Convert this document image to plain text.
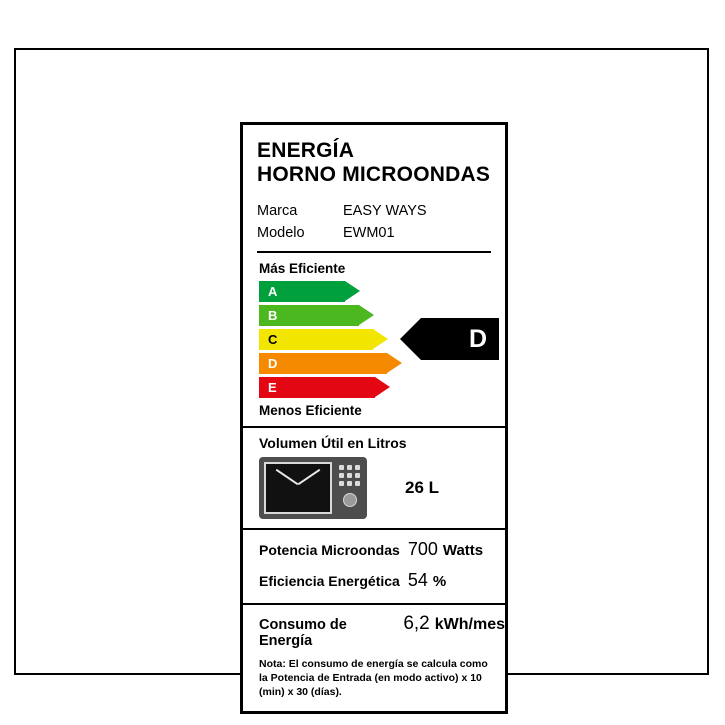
ENERGÍA
HORNO MICROONDAS
Marca	EASY WAYS
Modelo	EWM01
Más Eficiente
A
B
C
D
E
Menos Eficiente
D
Volumen Útil en Litros
26 L
Potencia Microondas 700 Watts
Eficiencia Energética 54 %
Consumo de Energía
6,2 kWh/mes
Nota: El consumo de energía se calcula como la Potencia de Entrada (en modo activo) x 10 (min) x 30 (días).
